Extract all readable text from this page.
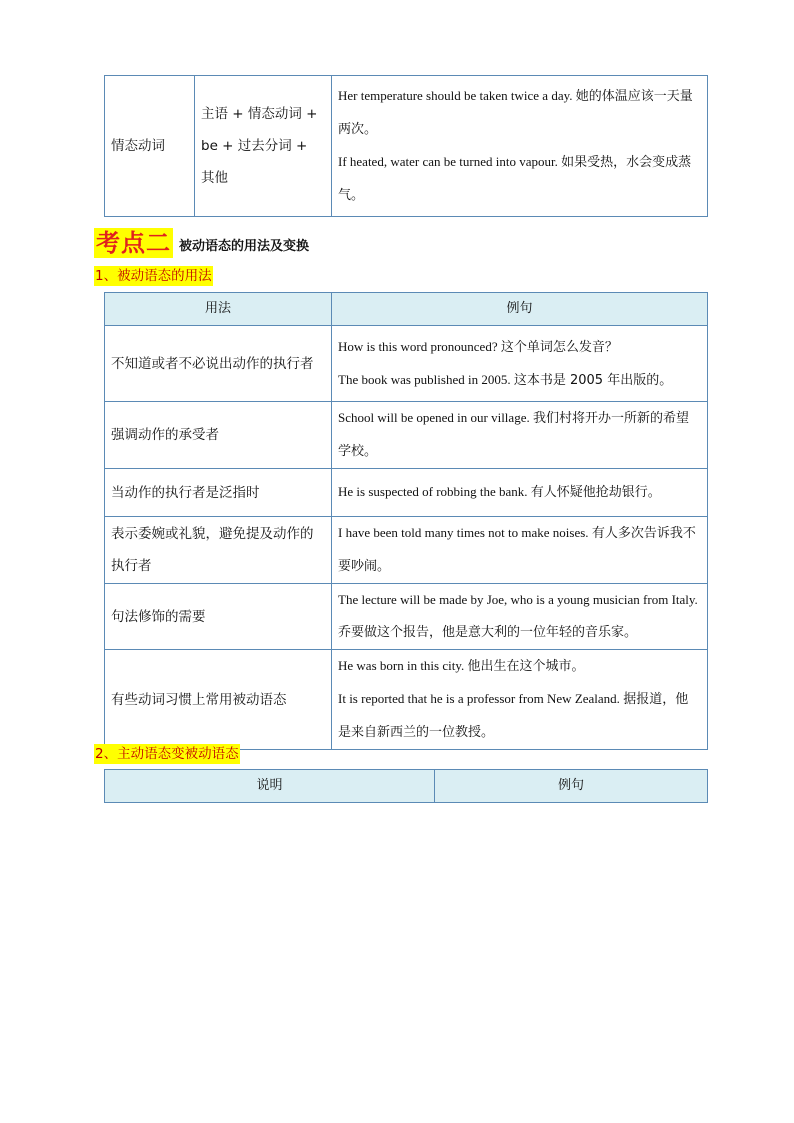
情态动词	主语 + 情态动词 + be + 过去分词 + 其他	
Her temperature should be taken twice a day. 她的体温应该一天量两次。
If heated, water can be turned into vapour. 如果受热，水会变成蒸气。
考点二 被动语态的用法及变换
1、被动语态的用法
用法	例句
不知道或者不必说出动作的执行者	How is this word pronounced? 这个单词怎么发音？
The book was published in 2005. 这本书是 2005 年出版的。

强调动作的承受者	School will be opened in our village. 我们村将开办一所新的希望学校。
当动作的执行者是泛指时	He is suspected of robbing the bank. 有人怀疑他抢劫银行。
表示委婉或礼貌，避免提及动作的执行者	I have been told many times not to make noises. 有人多次告诉我不要吵闹。
句法修饰的需要	The lecture will be made by Joe, who is a young musician from Italy. 乔要做这个报告，他是意大利的一位年轻的音乐家。
有些动词习惯上常用被动语态	He was born in this city. 他出生在这个城市。
It is reported that he is a professor from New Zealand. 据报道，他是来自新西兰的一位教授。
2、主动语态变被动语态
说明	例句
